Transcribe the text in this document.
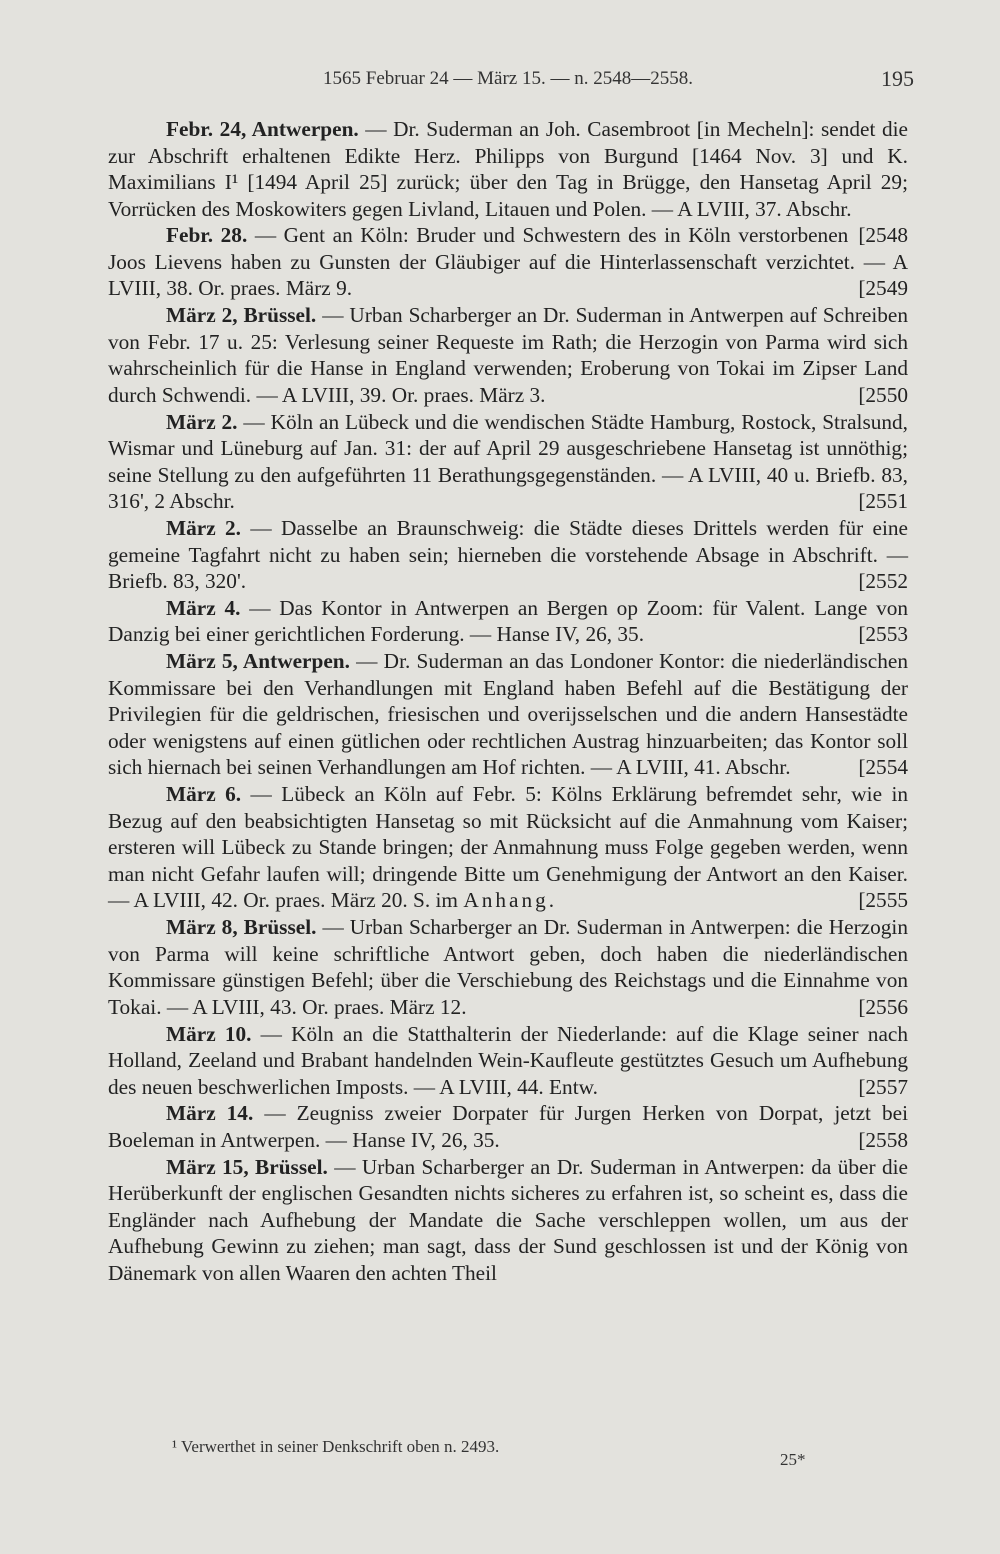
1565 Februar 24 — März 15. — n. 2548—2558.	195

Febr. 24, Antwerpen. — Dr. Suderman an Joh. Casembroot [in Mecheln]: sendet die zur Abschrift erhaltenen Edikte Herz. Philipps von Burgund [1464 Nov. 3] und K. Maximilians I¹ [1494 April 25] zurück; über den Tag in Brügge, den Hansetag April 29; Vorrücken des Moskowiters gegen Livland, Litauen und Polen. — A LVIII, 37. Abschr.
[ 2548

Febr. 28. — Gent an Köln: Bruder und Schwestern des in Köln verstorbenen Joos Lievens haben zu Gunsten der Gläubiger auf die Hinterlassenschaft verzichtet. — A LVIII, 38. Or. praes. März 9.	[ 2549

März 2, Brüssel. — Urban Scharberger an Dr. Suderman in Antwerpen auf Schreiben von Febr. 17 u. 25: Verlesung seiner Requeste im Rath; die Herzogin von Parma wird sich wahrscheinlich für die Hanse in England verwenden; Eroberung von Tokai im Zipser Land durch Schwendi. — A LVIII, 39. Or. praes. März 3.	[ 2550

März 2. — Köln an Lübeck und die wendischen Städte Hamburg, Rostock, Stralsund, Wismar und Lüneburg auf Jan. 31: der auf April 29 ausgeschriebene Hansetag ist unnöthig; seine Stellung zu den aufgeführten 11 Berathungsgegenständen. — A LVIII, 40 u. Briefb. 83, 316', 2 Abschr.	[ 2551

März 2. — Dasselbe an Braunschweig: die Städte dieses Drittels werden für eine gemeine Tagfahrt nicht zu haben sein; hierneben die vorstehende Absage in Abschrift. — Briefb. 83, 320'.	[ 2552

März 4. — Das Kontor in Antwerpen an Bergen op Zoom: für Valent. Lange von Danzig bei einer gerichtlichen Forderung. — Hanse IV, 26, 35.	[ 2553

März 5, Antwerpen. — Dr. Suderman an das Londoner Kontor: die niederländischen Kommissare bei den Verhandlungen mit England haben Befehl auf die Bestätigung der Privilegien für die geldrischen, friesischen und overijsselschen und die andern Hansestädte oder wenigstens auf einen gütlichen oder rechtlichen Austrag hinzuarbeiten; das Kontor soll sich hiernach bei seinen Verhandlungen am Hof richten. — A LVIII, 41. Abschr.	[ 2554

März 6. — Lübeck an Köln auf Febr. 5: Kölns Erklärung befremdet sehr, wie in Bezug auf den beabsichtigten Hansetag so mit Rücksicht auf die Anmahnung vom Kaiser; ersteren will Lübeck zu Stande bringen; der Anmahnung muss Folge gegeben werden, wenn man nicht Gefahr laufen will; dringende Bitte um Genehmigung der Antwort an den Kaiser. — A LVIII, 42. Or. praes. März 20. S. im Anhang.	[ 2555

März 8, Brüssel. — Urban Scharberger an Dr. Suderman in Antwerpen: die Herzogin von Parma will keine schriftliche Antwort geben, doch haben die niederländischen Kommissare günstigen Befehl; über die Verschiebung des Reichstags und die Einnahme von Tokai. — A LVIII, 43. Or. praes. März 12.	[ 2556

März 10. — Köln an die Statthalterin der Niederlande: auf die Klage seiner nach Holland, Zeeland und Brabant handelnden Wein-Kaufleute gestütztes Gesuch um Aufhebung des neuen beschwerlichen Imposts. — A LVIII, 44. Entw.	[ 2557

März 14. — Zeugniss zweier Dorpater für Jurgen Herken von Dorpat, jetzt bei Boeleman in Antwerpen. — Hanse IV, 26, 35.	[ 2558

März 15, Brüssel. — Urban Scharberger an Dr. Suderman in Antwerpen: da über die Herüberkunft der englischen Gesandten nichts sicheres zu erfahren ist, so scheint es, dass die Engländer nach Aufhebung der Mandate die Sache verschleppen wollen, um aus der Aufhebung Gewinn zu ziehen; man sagt, dass der Sund geschlossen ist und der König von Dänemark von allen Waaren den achten Theil

¹ Verwerthet in seiner Denkschrift oben n. 2493.
25*
